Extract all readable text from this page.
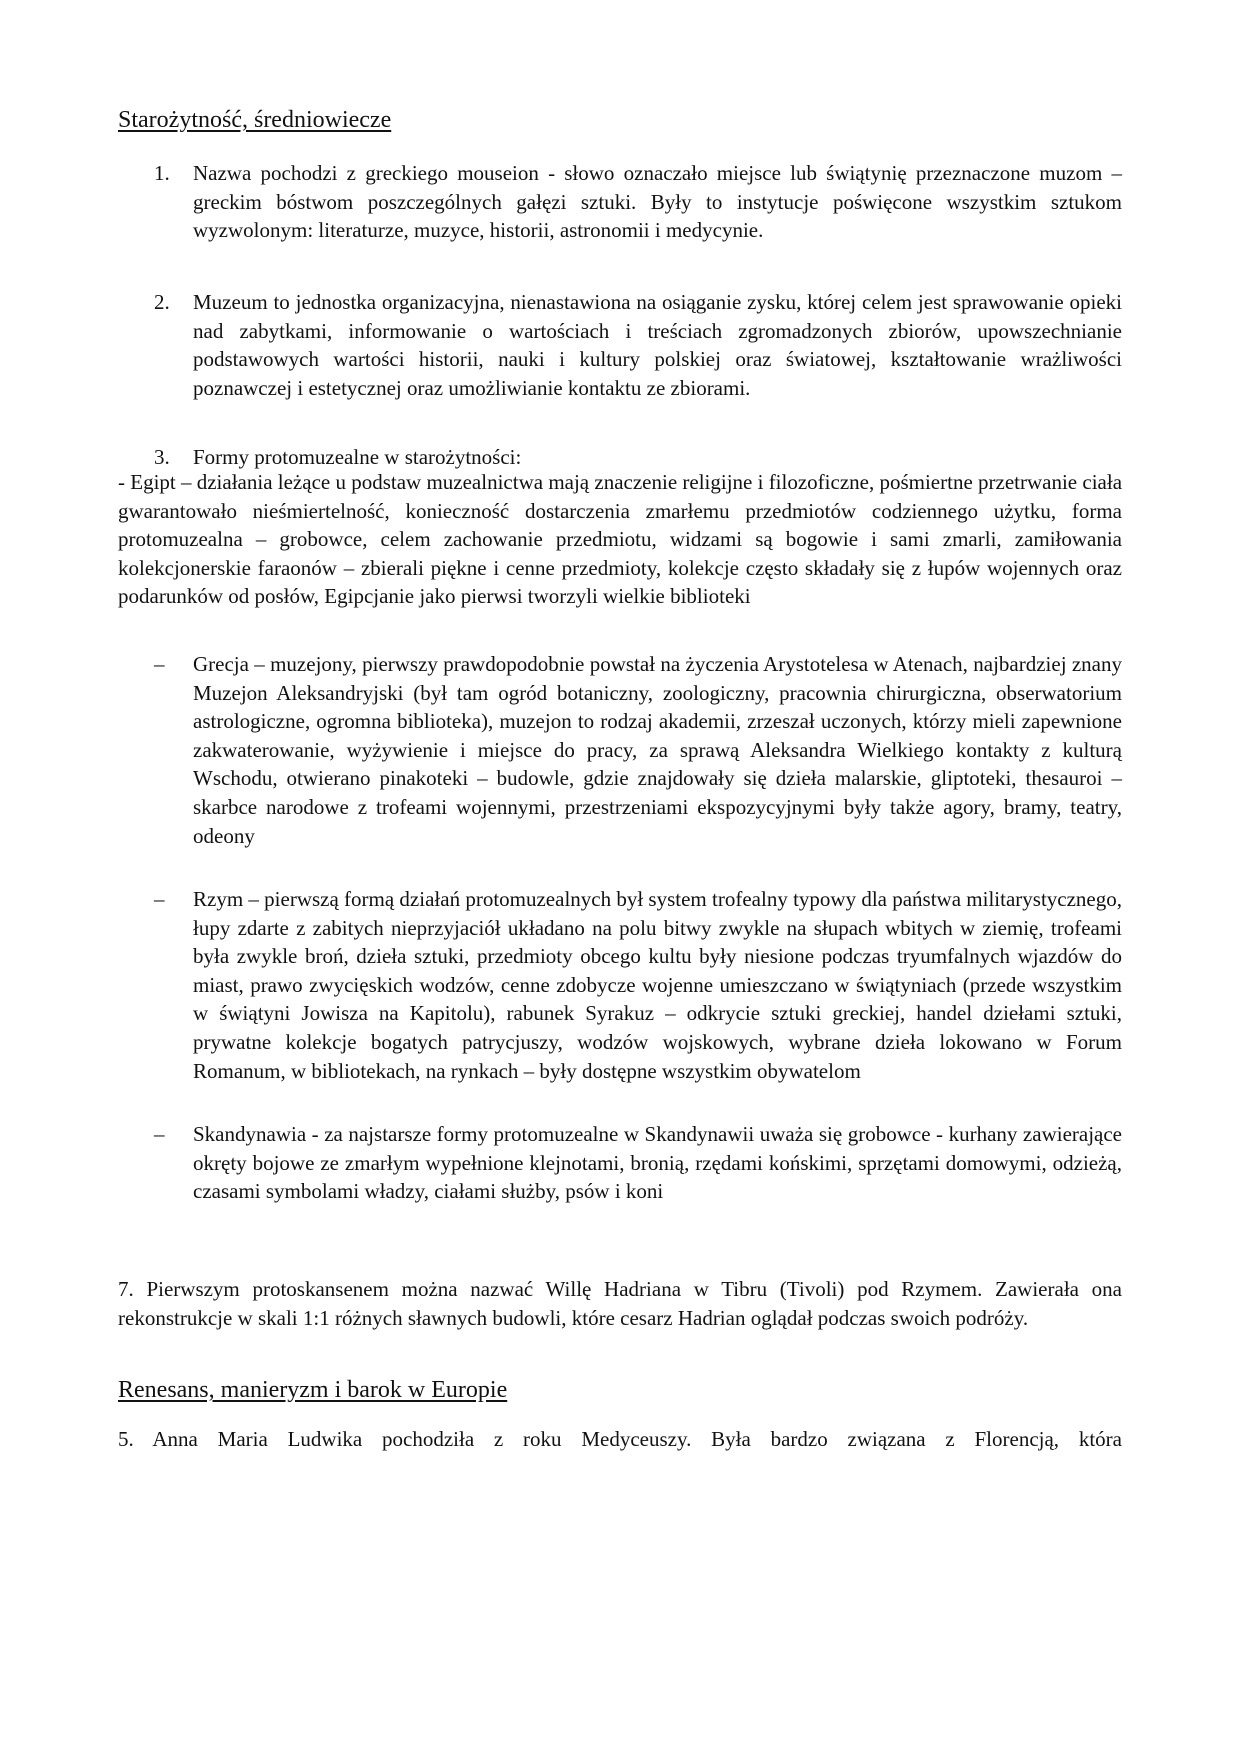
Starożytność, średniowiecze
1. Nazwa pochodzi z greckiego mouseion - słowo oznaczało miejsce lub świątynię przeznaczone muzom – greckim bóstwom poszczególnych gałęzi sztuki. Były to instytucje poświęcone wszystkim sztukom wyzwolonym: literaturze, muzyce, historii, astronomii i medycynie.
2. Muzeum to jednostka organizacyjna, nienastawiona na osiąganie zysku, której celem jest sprawowanie opieki nad zabytkami, informowanie o wartościach i treściach zgromadzonych zbiorów, upowszechnianie podstawowych wartości historii, nauki i kultury polskiej oraz światowej, kształtowanie wrażliwości poznawczej i estetycznej oraz umożliwianie kontaktu ze zbiorami.
3. Formy protomuzealne w starożytności:
- Egipt – działania leżące u podstaw muzealnictwa mają znaczenie religijne i filozoficzne, pośmiertne przetrwanie ciała gwarantowało nieśmiertelność, konieczność dostarczenia zmarłemu przedmiotów codziennego użytku, forma protomuzealna – grobowce, celem zachowanie przedmiotu, widzami są bogowie i sami zmarli, zamiłowania kolekcjonerskie faraonów – zbierali piękne i cenne przedmioty, kolekcje często składały się z łupów wojennych oraz podarunków od posłów, Egipcjanie jako pierwsi tworzyli wielkie biblioteki
– Grecja – muzejony, pierwszy prawdopodobnie powstał na życzenia Arystotelesa w Atenach, najbardziej znany Muzejon Aleksandryjski (był tam ogród botaniczny, zoologiczny, pracownia chirurgiczna, obserwatorium astrologiczne, ogromna biblioteka), muzejon to rodzaj akademii, zrzeszał uczonych, którzy mieli zapewnione zakwaterowanie, wyżywienie i miejsce do pracy, za sprawą Aleksandra Wielkiego kontakty z kulturą Wschodu, otwierano pinakoteki – budowle, gdzie znajdowały się dzieła malarskie, gliptoteki, thesauroi – skarbce narodowe z trofeami wojennymi, przestrzeniami ekspozycyjnymi były także agory, bramy, teatry, odeony
– Rzym – pierwszą formą działań protomuzealnych był system trofealny typowy dla państwa militarystycznego, łupy zdarte z zabitych nieprzyjaciół układano na polu bitwy zwykle na słupach wbitych w ziemię, trofeami była zwykle broń, dzieła sztuki, przedmioty obcego kultu były niesione podczas tryumfalnych wjazdów do miast, prawo zwycięskich wodzów, cenne zdobycze wojenne umieszczano w świątyniach (przede wszystkim w świątyni Jowisza na Kapitolu), rabunek Syrakuz – odkrycie sztuki greckiej, handel dziełami sztuki, prywatne kolekcje bogatych patrycjuszy, wodzów wojskowych, wybrane dzieła lokowano w Forum Romanum, w bibliotekach, na rynkach – były dostępne wszystkim obywatelom
– Skandynawia - za najstarsze formy protomuzealne w Skandynawii uważa się grobowce - kurhany zawierające okręty bojowe ze zmarłym wypełnione klejnotami, bronią, rzędami końskimi, sprzętami domowymi, odzieżą, czasami symbolami władzy, ciałami służby, psów i koni
7. Pierwszym protoskansenem można nazwać Willę Hadriana w Tibru (Tivoli) pod Rzymem. Zawierała ona rekonstrukcje w skali 1:1 różnych sławnych budowli, które cesarz Hadrian oglądał podczas swoich podróży.
Renesans, manieryzm i barok w Europie
5. Anna Maria Ludwika pochodziła z roku Medyceuszy. Była bardzo związana z Florencją, która
